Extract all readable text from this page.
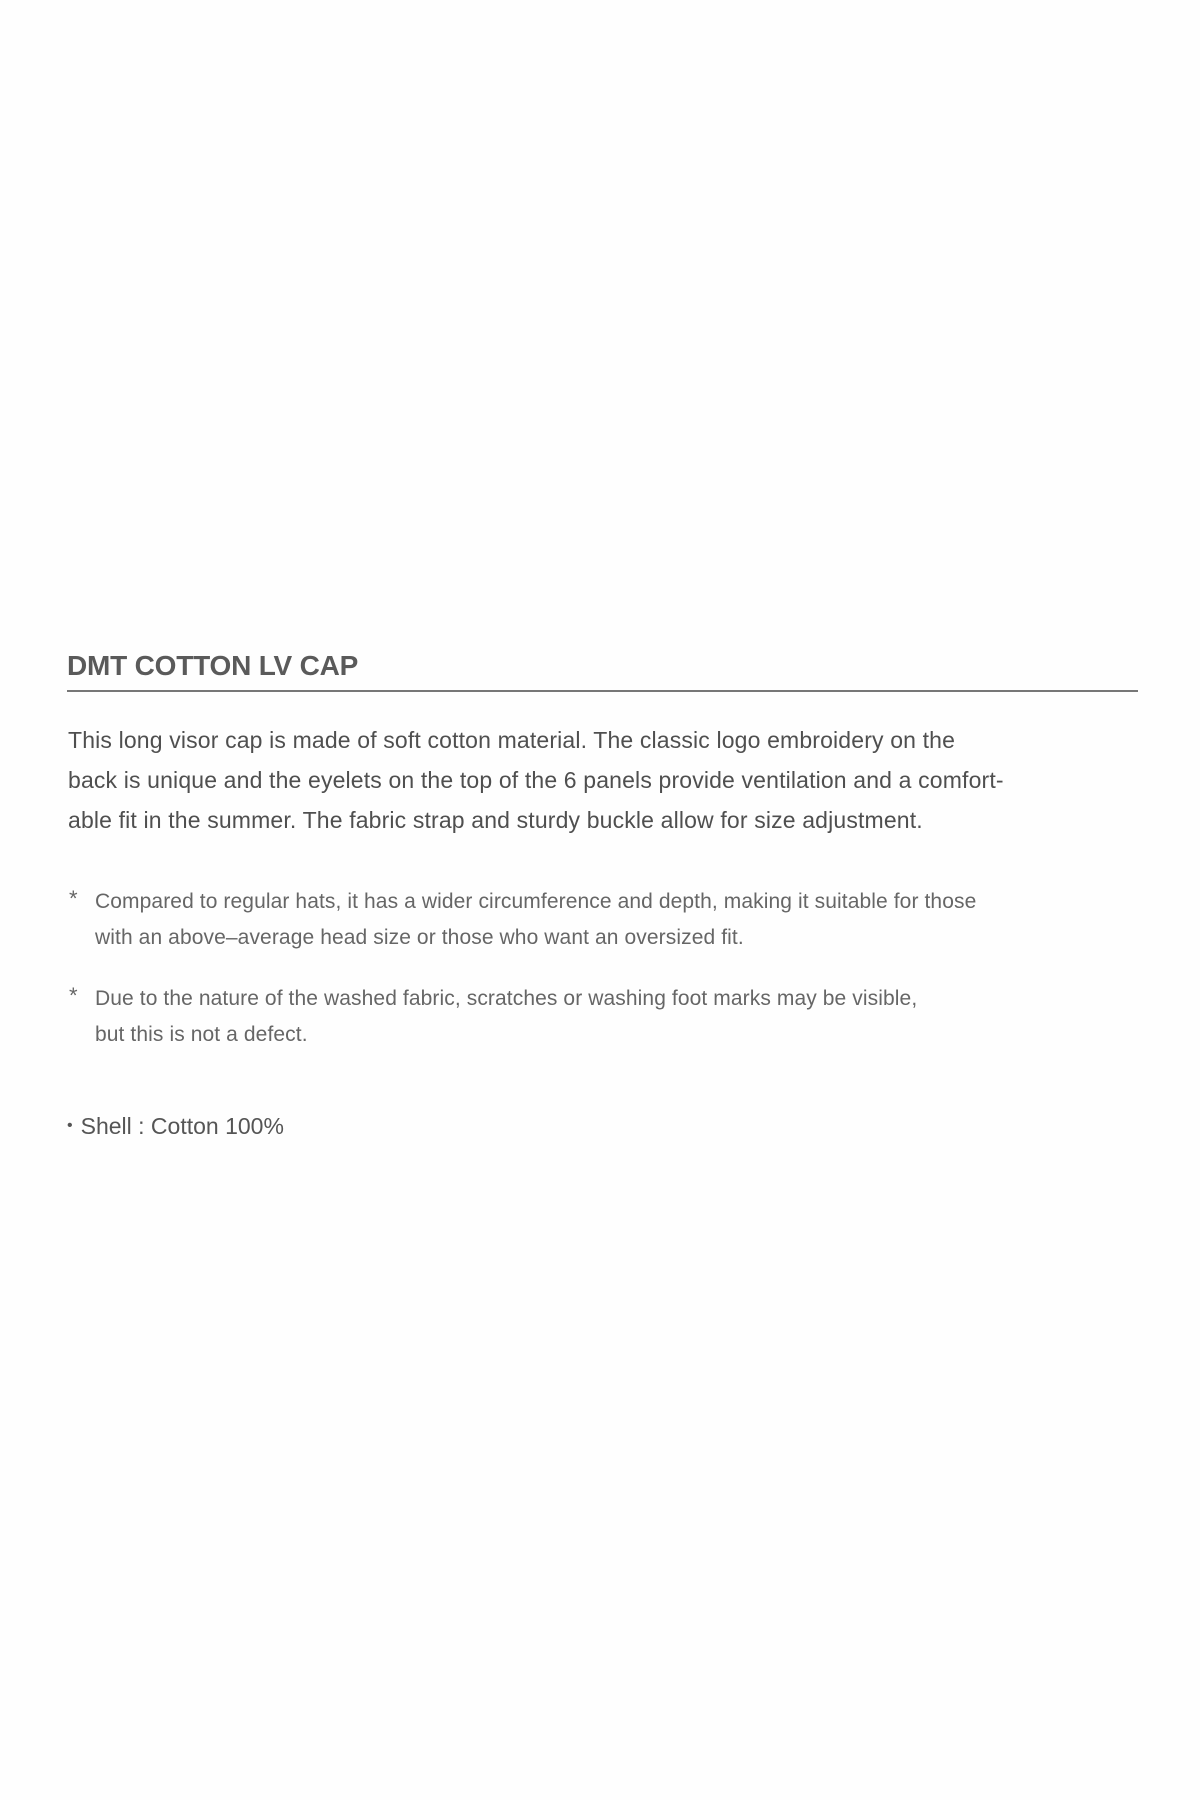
DMT COTTON LV CAP

This long visor cap is made of soft cotton material. The classic logo embroidery on the
back is unique and the eyelets on the top of the 6 panels provide ventilation and a comfort-
able fit in the summer. The fabric strap and sturdy buckle allow for size adjustment.

* Compared to regular hats, it has a wider circumference and depth, making it suitable for those
with an above–average head size or those who want an oversized fit.
* Due to the nature of the washed fabric, scratches or washing foot marks may be visible,
but this is not a defect.
• Shell : Cotton 100%
